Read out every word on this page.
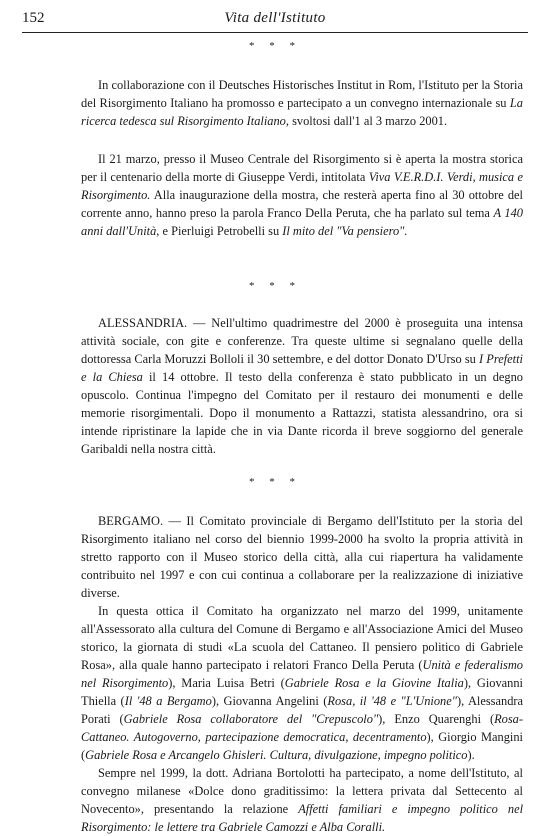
152	Vita dell'Istituto
* * *

In collaborazione con il Deutsches Historisches Institut in Rom, l'Istituto per la Storia del Risorgimento Italiano ha promosso e partecipato a un convegno internazionale su La ricerca tedesca sul Risorgimento Italiano, svoltosi dall'1 al 3 marzo 2001.

Il 21 marzo, presso il Museo Centrale del Risorgimento si è aperta la mostra storica per il centenario della morte di Giuseppe Verdi, intitolata Viva V.E.R.D.I. Verdi, musica e Risorgimento. Alla inaugurazione della mostra, che resterà aperta fino al 30 ottobre del corrente anno, hanno preso la parola Franco Della Peruta, che ha parlato sul tema A 140 anni dall'Unità, e Pierluigi Petrobelli su Il mito del "Va pensiero".

* * *

ALESSANDRIA. — Nell'ultimo quadrimestre del 2000 è proseguita una intensa attività sociale, con gite e conferenze. Tra queste ultime si segnalano quelle della dottoressa Carla Moruzzi Bolloli il 30 settembre, e del dottor Donato D'Urso su I Prefetti e la Chiesa il 14 ottobre. Il testo della conferenza è stato pubblicato in un degno opuscolo. Continua l'impegno del Comitato per il restauro dei monumenti e delle memorie risorgimentali. Dopo il monumento a Rattazzi, statista alessandrino, ora si intende ripristinare la lapide che in via Dante ricorda il breve soggiorno del generale Garibaldi nella nostra città.

* * *

BERGAMO. — Il Comitato provinciale di Bergamo dell'Istituto per la storia del Risorgimento italiano nel corso del biennio 1999-2000 ha svolto la propria attività in stretto rapporto con il Museo storico della città, alla cui riapertura ha validamente contribuito nel 1997 e con cui continua a collaborare per la realizzazione di iniziative diverse.

In questa ottica il Comitato ha organizzato nel marzo del 1999, unitamente all'Assessorato alla cultura del Comune di Bergamo e all'Associazione Amici del Museo storico, la giornata di studi «La scuola del Cattaneo. Il pensiero politico di Gabriele Rosa», alla quale hanno partecipato i relatori Franco Della Peruta (Unità e federalismo nel Risorgimento), Maria Luisa Betri (Gabriele Rosa e la Giovine Italia), Giovanni Thiella (Il '48 a Bergamo), Giovanna Angelini (Rosa, il '48 e "L'Unione"), Alessandra Porati (Gabriele Rosa collaboratore del "Crepuscolo"), Enzo Quarenghi (Rosa-Cattaneo. Autogoverno, partecipazione democratica, decentramento), Giorgio Mangini (Gabriele Rosa e Arcangelo Ghisleri. Cultura, divulgazione, impegno politico).

Sempre nel 1999, la dott. Adriana Bortolotti ha partecipato, a nome dell'Istituto, al convegno milanese «Dolce dono graditissimo: la lettera privata dal Settecento al Novecento», presentando la relazione Affetti familiari e impegno politico nel Risorgimento: le lettere tra Gabriele Camozzi e Alba Coralli.
